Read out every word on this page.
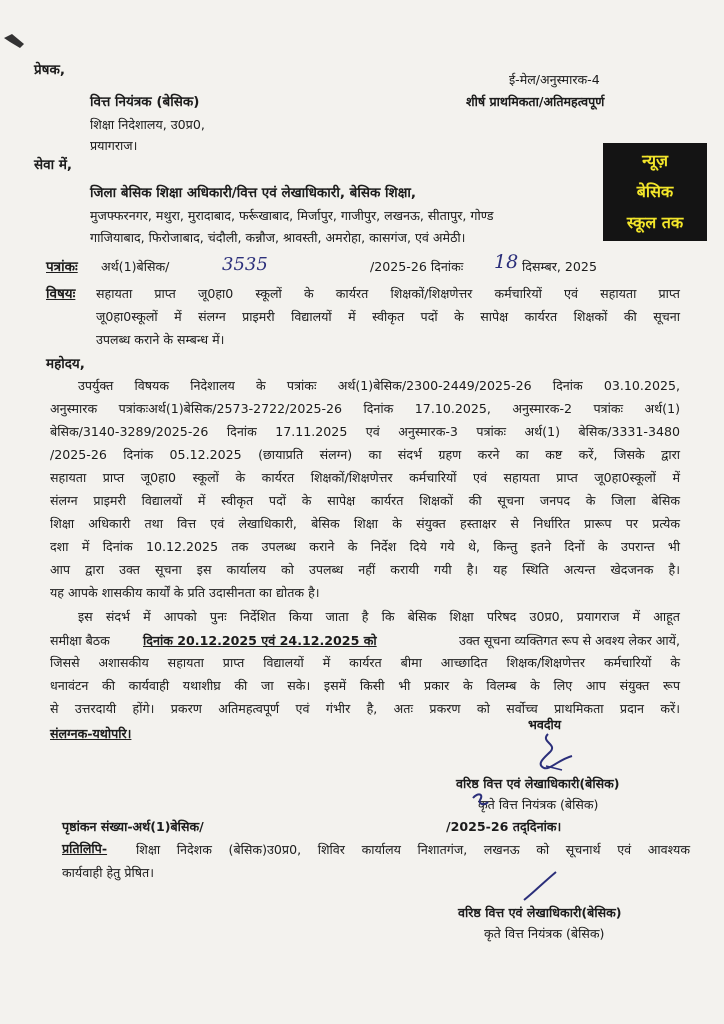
प्रेषक,
वित्त नियंत्रक (बेसिक)
शिक्षा निदेशालय, उ0प्र0,
प्रयागराज।
ई-मेल/अनुस्मारक-4
शीर्ष प्राथमिकता/अतिमहत्वपूर्ण
सेवा में,
जिला बेसिक शिक्षा अधिकारी/वित्त एवं लेखाधिकारी, बेसिक शिक्षा,
मुजफ्फरनगर, मथुरा, मुरादाबाद, फर्रूखाबाद, मिर्जापुर, गाजीपुर, लखनऊ, सीतापुर, गोण्ड
गाजियाबाद, फिरोजाबाद, चंदौली, कन्नौज, श्रावस्ती, अमरोहा, कासगंज, एवं अमेठी।
न्यूज़
बेसिक
स्कूल तक
पत्रांकः अर्थ(1)बेसिक/	3535	/2025-26 दिनांकः 18 दिसम्बर, 2025
विषयः सहायता प्राप्त जू0हा0 स्कूलों के कार्यरत शिक्षकों/शिक्षणेत्तर कर्मचारियों एवं सहायता प्राप्त
जू0हा0स्कूलों में संलग्न प्राइमरी विद्यालयों में स्वीकृत पदों के सापेक्ष कार्यरत शिक्षकों की सूचना
उपलब्ध कराने के सम्बन्ध में।
महोदय,
उपर्युक्त विषयक निदेशालय के पत्रांकः अर्थ(1)बेसिक/2300-2449/2025-26 दिनांक 03.10.2025,
अनुस्मारक पत्रांकःअर्थ(1)बेसिक/2573-2722/2025-26 दिनांक 17.10.2025, अनुस्मारक-2 पत्रांकः अर्थ(1)
बेसिक/3140-3289/2025-26 दिनांक 17.11.2025 एवं अनुस्मारक-3 पत्रांकः अर्थ(1) बेसिक/3331-3480
/2025-26 दिनांक 05.12.2025 (छायाप्रति संलग्न) का संदर्भ ग्रहण करने का कष्ट करें, जिसके द्वारा
सहायता प्राप्त जू0हा0 स्कूलों के कार्यरत शिक्षकों/शिक्षणेत्तर कर्मचारियों एवं सहायता प्राप्त जू0हा0स्कूलों में
संलग्न प्राइमरी विद्यालयों में स्वीकृत पदों के सापेक्ष कार्यरत शिक्षकों की सूचना जनपद के जिला बेसिक
शिक्षा अधिकारी तथा वित्त एवं लेखाधिकारी, बेसिक शिक्षा के संयुक्त हस्ताक्षर से निर्धारित प्रारूप पर प्रत्येक
दशा में दिनांक 10.12.2025 तक उपलब्ध कराने के निर्देश दिये गये थे, किन्तु इतने दिनों के उपरान्त भी
आप द्वारा उक्त सूचना इस कार्यालय को उपलब्ध नहीं करायी गयी है। यह स्थिति अत्यन्त खेदजनक है।
यह आपके शासकीय कार्यों के प्रति उदासीनता का द्योतक है।
इस संदर्भ में आपको पुनः निर्देशित किया जाता है कि बेसिक शिक्षा परिषद उ0प्र0, प्रयागराज में आहूत
समीक्षा बैठक	दिनांक 20.12.2025 एवं 24.12.2025 को	उक्त सूचना व्यक्तिगत रूप से अवश्य लेकर आयें,
जिससे अशासकीय सहायता प्राप्त विद्यालयों में कार्यरत बीमा आच्छादित शिक्षक/शिक्षणेत्तर कर्मचारियों के
धनावंटन की कार्यवाही यथाशीघ्र की जा सके। इसमें किसी भी प्रकार के विलम्ब के लिए आप संयुक्त रूप
से उत्तरदायी होंगे। प्रकरण अतिमहत्वपूर्ण एवं गंभीर है, अतः प्रकरण को सर्वोच्च प्राथमिकता प्रदान करें।
संलग्नक-यथोपरि।
भवदीय
वरिष्ठ वित्त एवं लेखाधिकारी(बेसिक)
कृते वित्त नियंत्रक (बेसिक)
पृष्ठांकन संख्या-अर्थ(1)बेसिक/	/2025-26 तद्‌दिनांक।
प्रतिलिपि- शिक्षा निदेशक (बेसिक)उ0प्र0, शिविर कार्यालय निशातगंज, लखनऊ को सूचनार्थ एवं आवश्यक
कार्यवाही हेतु प्रेषित।
वरिष्ठ वित्त एवं लेखाधिकारी(बेसिक)
कृते वित्त नियंत्रक (बेसिक)
